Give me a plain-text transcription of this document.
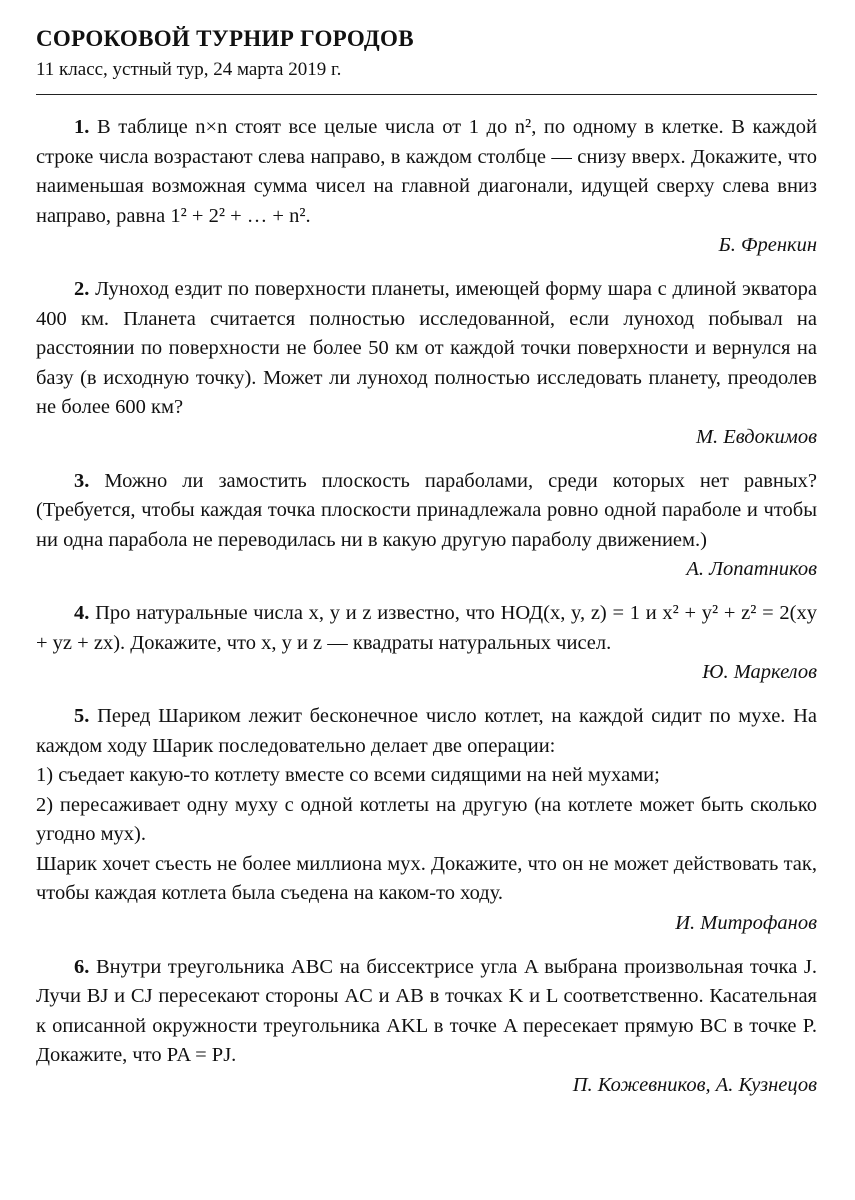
СОРОКОВОЙ ТУРНИР ГОРОДОВ
11 класс, устный тур, 24 марта 2019 г.

1. В таблице n×n стоят все целые числа от 1 до n², по одному в клетке. В каждой строке числа возрастают слева направо, в каждом столбце — снизу вверх. Докажите, что наименьшая возможная сумма чисел на главной диагонали, идущей сверху слева вниз направо, равна 1² + 2² + … + n².

Б. Френкин

2. Луноход ездит по поверхности планеты, имеющей форму шара с длиной экватора 400 км. Планета считается полностью исследованной, если луноход побывал на расстоянии по поверхности не более 50 км от каждой точки поверхности и вернулся на базу (в исходную точку). Может ли луноход полностью исследовать планету, преодолев не более 600 км?

М. Евдокимов

3. Можно ли замостить плоскость параболами, среди которых нет равных? (Требуется, чтобы каждая точка плоскости принадлежала ровно одной параболе и чтобы ни одна парабола не переводилась ни в какую другую параболу движением.)

А. Лопатников

4. Про натуральные числа x, y и z известно, что НОД(x, y, z) = 1 и x² + y² + z² = 2(xy + yz + zx). Докажите, что x, y и z — квадраты натуральных чисел.

Ю. Маркелов

5. Перед Шариком лежит бесконечное число котлет, на каждой сидит по мухе. На каждом ходу Шарик последовательно делает две операции:

1) съедает какую-то котлету вместе со всеми сидящими на ней мухами;

2) пересаживает одну муху с одной котлеты на другую (на котлете может быть сколько угодно мух).

Шарик хочет съесть не более миллиона мух. Докажите, что он не может действовать так, чтобы каждая котлета была съедена на каком-то ходу.

И. Митрофанов

6. Внутри треугольника ABC на биссектрисе угла A выбрана произвольная точка J. Лучи BJ и CJ пересекают стороны AC и AB в точках K и L соответственно. Касательная к описанной окружности треугольника AKL в точке A пересекает прямую BC в точке P. Докажите, что PA = PJ.

П. Кожевников, А. Кузнецов
